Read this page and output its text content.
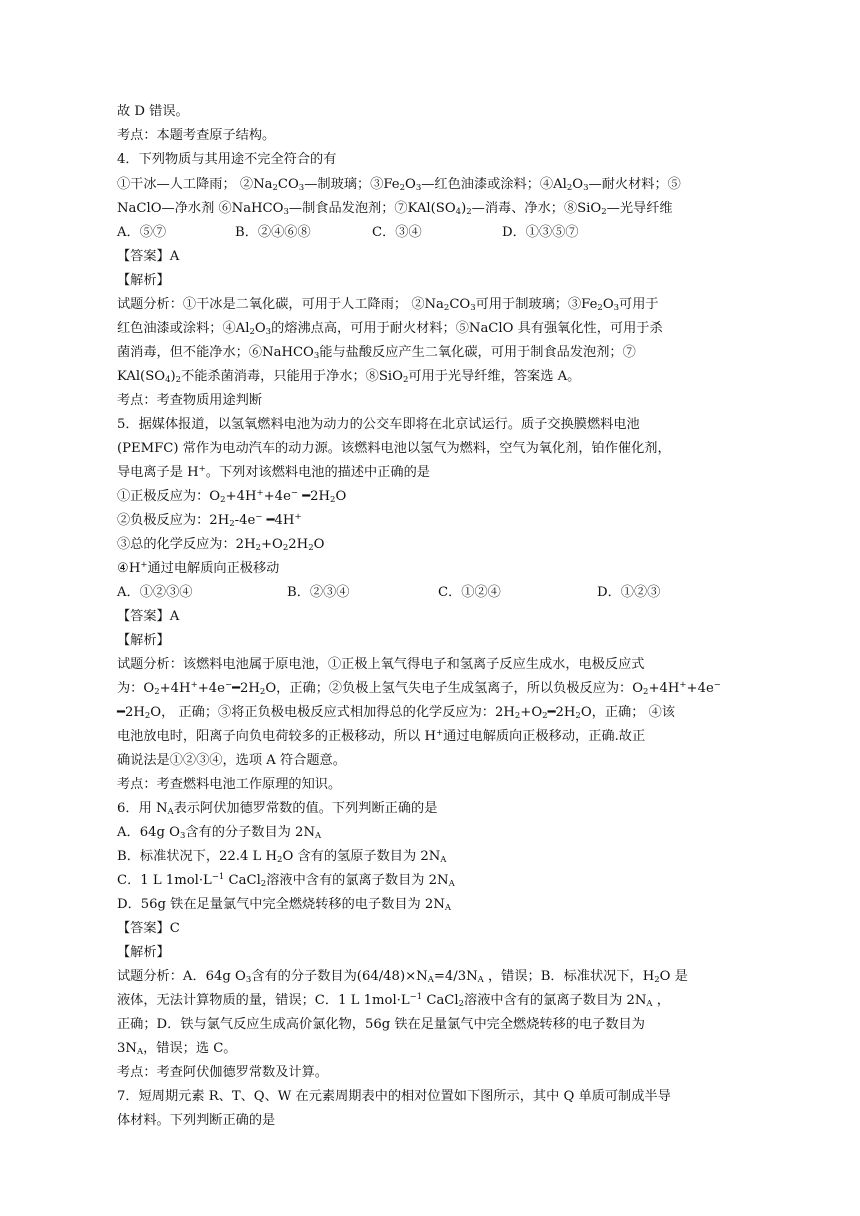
故 D 错误。
考点：本题考查原子结构。
4．下列物质与其用途不完全符合的有
①干冰—人工降雨； $②Na_2CO_3—$制玻璃；$③Fe_2O_3—$红色油漆或涂料；$④Al_2O_3—$耐火材料；⑤
NaClO—净水剂 ⑥NaHCO$_3$—制食品发泡剂；$⑦KAl(SO_4)_2—$消毒、净水；⑧SiO$_2$—光导纤维
A．⑤⑦	B．②④⑥⑧	C．③④	D．①③⑤⑦
【答案】A
【解析】
试题分析：①干冰是二氧化碳，可用于人工降雨； $②Na_2CO_3$可用于制玻璃；$③Fe_2O_3$可用于
红色油漆或涂料；$④Al_2O_3$的熔沸点高，可用于耐火材料；⑤NaClO 具有强氧化性，可用于杀
菌消毒，但不能净水；⑥NaHCO$_3$能与盐酸反应产生二氧化碳，可用于制食品发泡剂；⑦
$KAl(SO_4)_2$不能杀菌消毒，只能用于净水；⑧SiO$_2$可用于光导纤维，答案选 A。
考点：考查物质用途判断
5．据媒体报道，以氢氧燃料电池为动力的公交车即将在北京试运行。质子交换膜燃料电池
(PEMFC) 常作为电动汽车的动力源。该燃料电池以氢气为燃料，空气为氧化剂，铂作催化剂，
导电离子是 H+。下列对该燃料电池的描述中正确的是
①正极反应为：$O_2+4H^++4e^-$ $━2H_2O$
②负极反应为：$2H_2-4e^-$ ━4H+
③总的化学反应为：$2H_2+O_22H_2O$
④H+通过电解质向正极移动
A．①②③④	B．②③④	C．①②④	D．①②③
【答案】A
【解析】
试题分析：该燃料电池属于原电池，①正极上氧气得电子和氢离子反应生成水，电极反应式
为：$O_2+4H^++4e^-━2H_2O$，正确；②负极上氢气失电子生成氢离子，所以负极反应为：$O_2+4H^++4e^-$
$━2H_2O$， 正确；③将正负极电极反应式相加得总的化学反应为：$2H_2+O_2━2H_2O$，正确； ④该
电池放电时，阳离子向负电荷较多的正极移动，所以 H+通过电解质向正极移动，正确.故正
确说法是①②③④，选项 A 符合题意。
考点：考查燃料电池工作原理的知识。
6．用 $N_A$表示阿伏加德罗常数的值。下列判断正确的是
A．64g $O_3$含有的分子数目为 $2N_A$
B．标准状况下，22.4 L $H_2O$ 含有的氢原子数目为 $2N_A$
C．1 L $1mol\cdot L^{-1}$ CaCl$_2$溶液中含有的氯离子数目为 $2N_A$
D．56g 铁在足量氯气中完全燃烧转移的电子数目为 $2N_A$
【答案】C
【解析】
试题分析：A．64g $O_3$含有的分子数目为$(64/48)\times N_A=4/3N_A$ ，错误；B．标准状况下，$H_2O$ 是
液体，无法计算物质的量，错误；C．1 L $1mol\cdot L^{-1}$ CaCl$_2$溶液中含有的氯离子数目为 $2N_A$ ，
正确；D．铁与氯气反应生成高价氯化物，56g 铁在足量氯气中完全燃烧转移的电子数目为
$3N_A$，错误；选 C。
考点：考查阿伏伽德罗常数及计算。
7．短周期元素 R、T、Q、W 在元素周期表中的相对位置如下图所示，其中 Q 单质可制成半导
体材料。下列判断正确的是
